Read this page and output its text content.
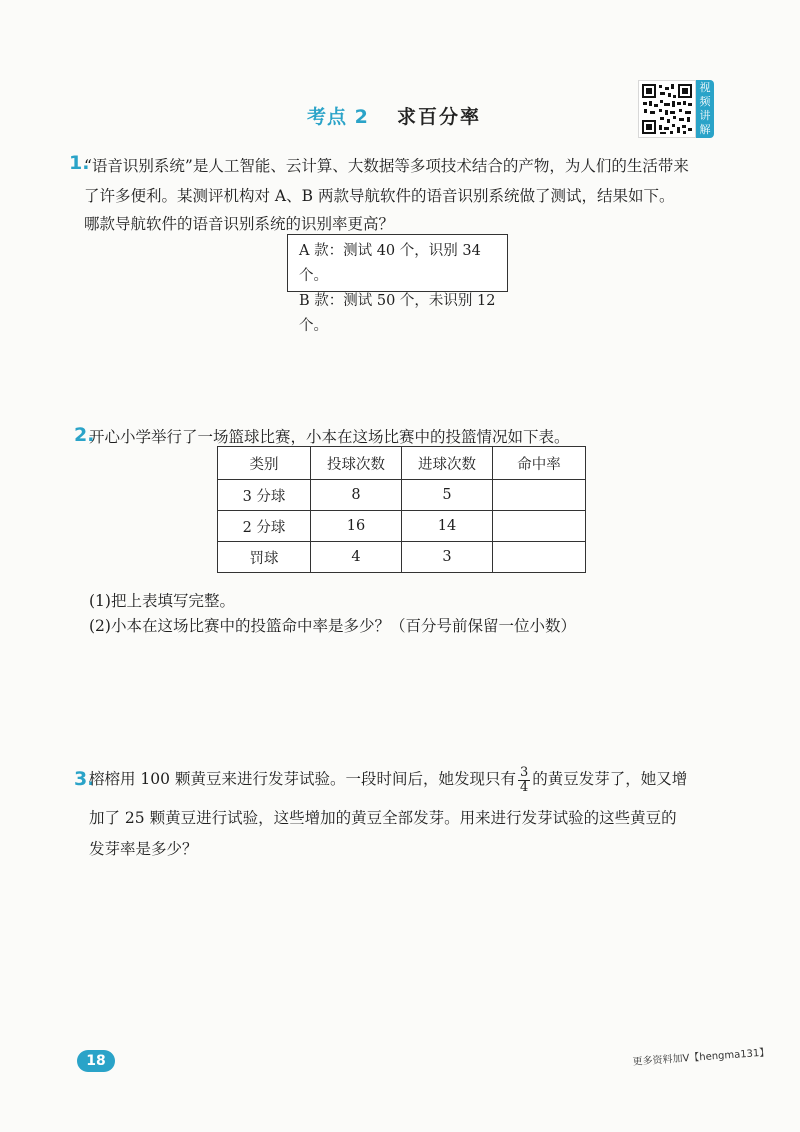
考点 2 求百分率
视
频
讲
解
1.
“语音识别系统”是人工智能、云计算、大数据等多项技术结合的产物，为人们的生活带来
了许多便利。某测评机构对 A、B 两款导航软件的语音识别系统做了测试，结果如下。
哪款导航软件的语音识别系统的识别率更高？
A 款：测试 40 个，识别 34 个。
B 款：测试 50 个，未识别 12 个。
2.
开心小学举行了一场篮球比赛，小本在这场比赛中的投篮情况如下表。
类别	投球次数	进球次数	命中率
3 分球	8	5	
2 分球	16	14	
罚球	4	3	
(1)把上表填写完整。
(2)小本在这场比赛中的投篮命中率是多少？（百分号前保留一位小数）
3.
榕榕用 100 颗黄豆来进行发芽试验。一段时间后，她发现只有 $\frac{3}{4}$ 的黄豆发芽了，她又增
加了 25 颗黄豆进行试验，这些增加的黄豆全部发芽。用来进行发芽试验的这些黄豆的
发芽率是多少？
18	更多资料加V【hengma131】
